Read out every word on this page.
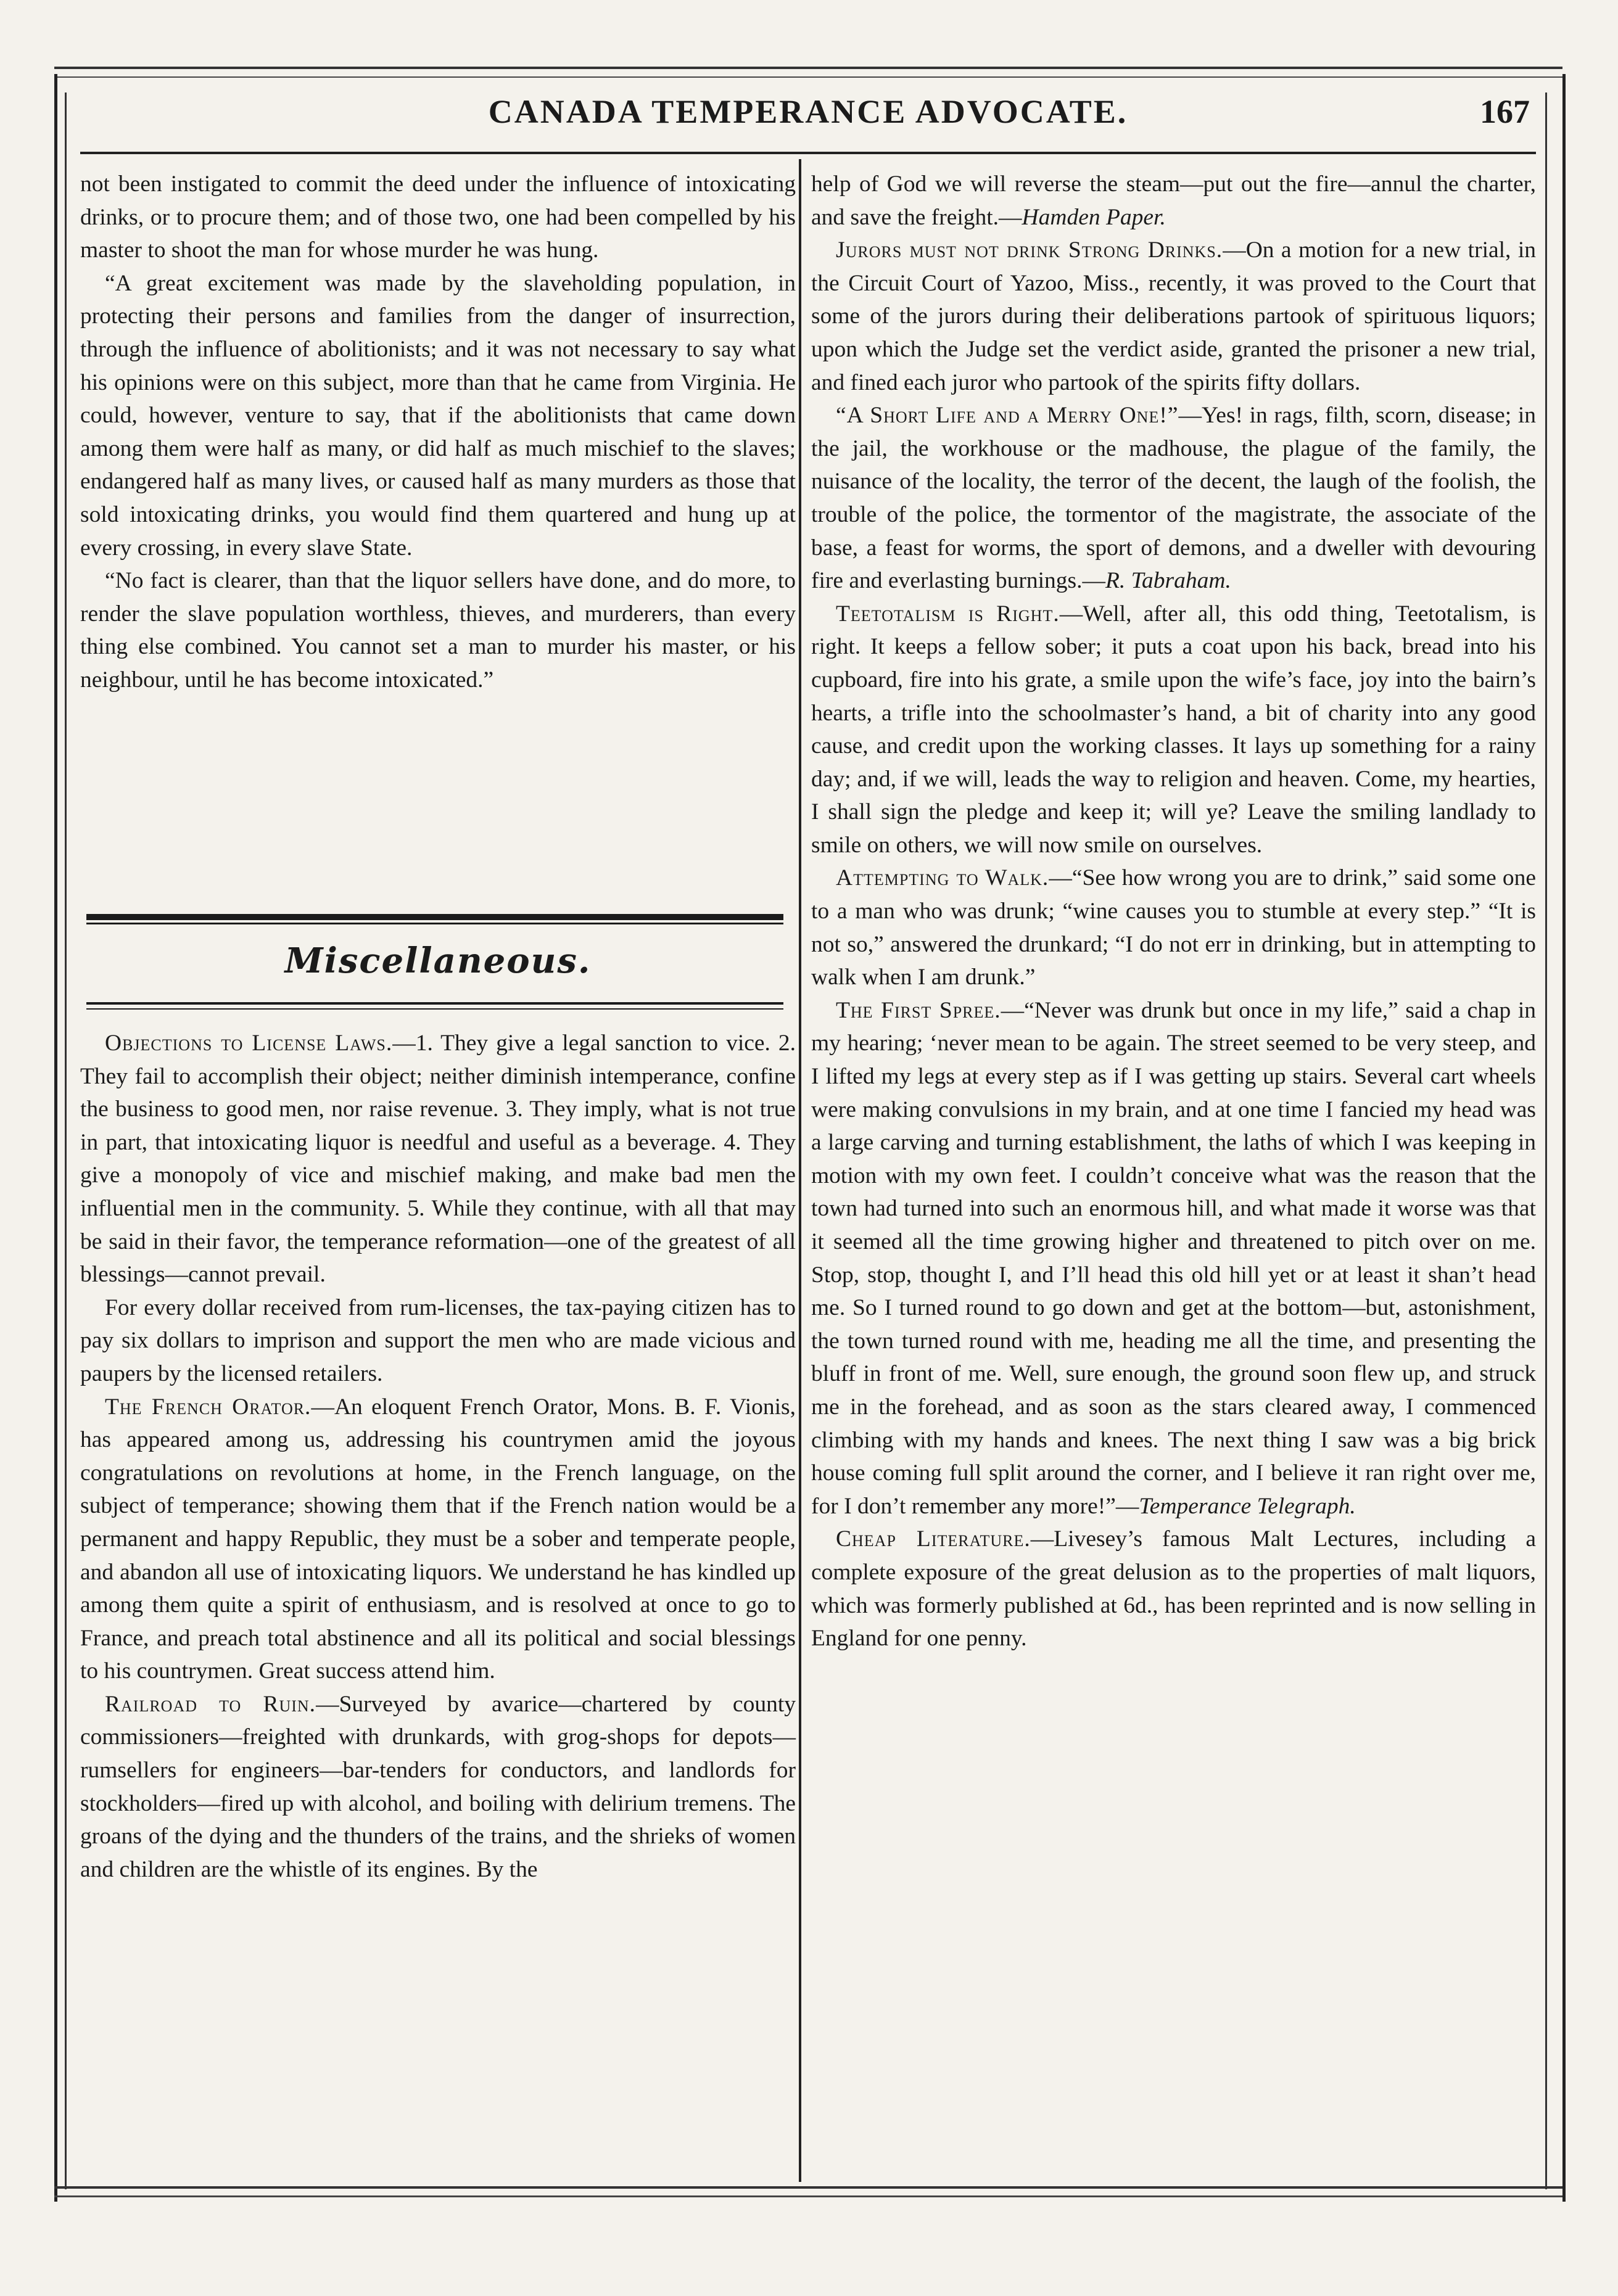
CANADA TEMPERANCE ADVOCATE.	167

not been instigated to commit the deed under the influence of intoxicating drinks, or to procure them; and of those two, one had been compelled by his master to shoot the man for whose murder he was hung.

“A great excitement was made by the slaveholding population, in protecting their persons and families from the danger of insurrection, through the influence of abolitionists; and it was not necessary to say what his opinions were on this subject, more than that he came from Virginia. He could, however, venture to say, that if the abolitionists that came down among them were half as many, or did half as much mischief to the slaves; endangered half as many lives, or caused half as many murders as those that sold intoxicating drinks, you would find them quartered and hung up at every crossing, in every slave State.

“No fact is clearer, than that the liquor sellers have done, and do more, to render the slave population worthless, thieves, and murderers, than every thing else combined. You cannot set a man to murder his master, or his neighbour, until he has become intoxicated.”

Miscellaneous.

Objections to License Laws.—1. They give a legal sanction to vice. 2. They fail to accomplish their object; neither diminish intemperance, confine the business to good men, nor raise revenue. 3. They imply, what is not true in part, that intoxicating liquor is needful and useful as a beverage. 4. They give a monopoly of vice and mischief making, and make bad men the influential men in the community. 5. While they continue, with all that may be said in their favor, the temperance reformation—one of the greatest of all blessings—cannot prevail.

For every dollar received from rum-licenses, the tax-paying citizen has to pay six dollars to imprison and support the men who are made vicious and paupers by the licensed retailers.

The French Orator.—An eloquent French Orator, Mons. B. F. Vionis, has appeared among us, addressing his countrymen amid the joyous congratulations on revolutions at home, in the French language, on the subject of temperance; showing them that if the French nation would be a permanent and happy Republic, they must be a sober and temperate people, and abandon all use of intoxicating liquors. We understand he has kindled up among them quite a spirit of enthusiasm, and is resolved at once to go to France, and preach total abstinence and all its political and social blessings to his countrymen. Great success attend him.

Railroad to Ruin.—Surveyed by avarice—chartered by county commissioners—freighted with drunkards, with grog-shops for depots—rumsellers for engineers—bar-tenders for conductors, and landlords for stockholders—fired up with alcohol, and boiling with delirium tremens. The groans of the dying and the thunders of the trains, and the shrieks of women and children are the whistle of its engines. By the

help of God we will reverse the steam—put out the fire—annul the charter, and save the freight.—Hamden Paper.

Jurors must not drink Strong Drinks.—On a motion for a new trial, in the Circuit Court of Yazoo, Miss., recently, it was proved to the Court that some of the jurors during their deliberations partook of spirituous liquors; upon which the Judge set the verdict aside, granted the prisoner a new trial, and fined each juror who partook of the spirits fifty dollars.

“A Short Life and a Merry One!”—Yes! in rags, filth, scorn, disease; in the jail, the workhouse or the madhouse, the plague of the family, the nuisance of the locality, the terror of the decent, the laugh of the foolish, the trouble of the police, the tormentor of the magistrate, the associate of the base, a feast for worms, the sport of demons, and a dweller with devouring fire and everlasting burnings.—R. Tabraham.

Teetotalism is Right.—Well, after all, this odd thing, Teetotalism, is right. It keeps a fellow sober; it puts a coat upon his back, bread into his cupboard, fire into his grate, a smile upon the wife’s face, joy into the bairn’s hearts, a trifle into the schoolmaster’s hand, a bit of charity into any good cause, and credit upon the working classes. It lays up something for a rainy day; and, if we will, leads the way to religion and heaven. Come, my hearties, I shall sign the pledge and keep it; will ye? Leave the smiling landlady to smile on others, we will now smile on ourselves.

Attempting to Walk.—“See how wrong you are to drink,” said some one to a man who was drunk; “wine causes you to stumble at every step.” “It is not so,” answered the drunkard; “I do not err in drinking, but in attempting to walk when I am drunk.”

The First Spree.—“Never was drunk but once in my life,” said a chap in my hearing; ‘never mean to be again. The street seemed to be very steep, and I lifted my legs at every step as if I was getting up stairs. Several cart wheels were making convulsions in my brain, and at one time I fancied my head was a large carving and turning establishment, the laths of which I was keeping in motion with my own feet. I couldn’t conceive what was the reason that the town had turned into such an enormous hill, and what made it worse was that it seemed all the time growing higher and threatened to pitch over on me. Stop, stop, thought I, and I’ll head this old hill yet or at least it shan’t head me. So I turned round to go down and get at the bottom—but, astonishment, the town turned round with me, heading me all the time, and presenting the bluff in front of me. Well, sure enough, the ground soon flew up, and struck me in the forehead, and as soon as the stars cleared away, I commenced climbing with my hands and knees. The next thing I saw was a big brick house coming full split around the corner, and I believe it ran right over me, for I don’t remember any more!”—Temperance Telegraph.

Cheap Literature.—Livesey’s famous Malt Lectures, including a complete exposure of the great delusion as to the properties of malt liquors, which was formerly published at 6d., has been reprinted and is now selling in England for one penny.
